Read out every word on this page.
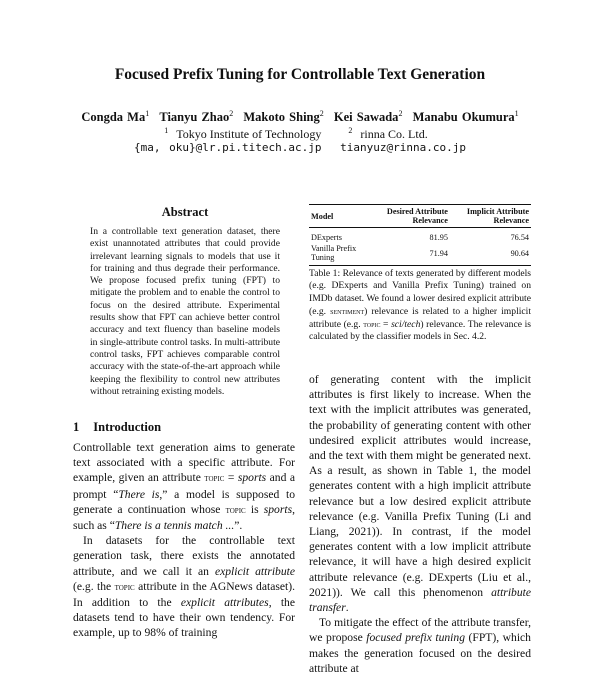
Focused Prefix Tuning for Controllable Text Generation
Congda Ma$^1$ Tianyu Zhao$^2$ Makoto Shing$^2$ Kei Sawada$^2$ Manabu Okumura$^1$
$^1$ Tokyo Institute of Technology	$^2$ rinna Co. Ltd.
{ma, oku}@lr.pi.titech.ac.jp tianyuz@rinna.co.jp
Abstract
In a controllable text generation dataset, there exist unannotated attributes that could provide irrelevant learning signals to models that use it for training and thus degrade their performance. We propose focused prefix tuning (FPT) to mitigate the problem and to enable the control to focus on the desired attribute. Experimental results show that FPT can achieve better control accuracy and text fluency than baseline models in single-attribute control tasks. In multi-attribute control tasks, FPT achieves comparable control accuracy with the state-of-the-art approach while keeping the flexibility to control new attributes without retraining existing models.
1 Introduction

Controllable text generation aims to generate text associated with a specific attribute. For example, given an attribute topic = sports and a prompt “There is,” a model is supposed to generate a continuation whose topic is sports, such as “There is a tennis match ...”.

In datasets for the controllable text generation task, there exists the annotated attribute, and we call it an explicit attribute (e.g. the topic attribute in the AGNews dataset). In addition to the explicit attributes, the datasets tend to have their own tendency. For example, up to 98% of training

Model	Desired Attribute Relevance	Implicit Attribute Relevance
DExperts	81.95	76.54
Vanilla Prefix Tuning	71.94	90.64
Table 1: Relevance of texts generated by different models (e.g. DExperts and Vanilla Prefix Tuning) trained on IMDb dataset. We found a lower desired explicit attribute (e.g. sentiment) relevance is related to a higher implicit attribute (e.g. topic = sci/tech) relevance. The relevance is calculated by the classifier models in Sec. 4.2.

of generating content with the implicit attributes is first likely to increase. When the text with the implicit attributes was generated, the probability of generating content with other undesired explicit attributes would increase, and the text with them might be generated next. As a result, as shown in Table 1, the model generates content with a high implicit attribute relevance but a low desired explicit attribute relevance (e.g. Vanilla Prefix Tuning (Li and Liang, 2021)). In contrast, if the model generates content with a low implicit attribute relevance, it will have a high desired explicit attribute relevance (e.g. DExperts (Liu et al., 2021)). We call this phenomenon attribute transfer.

To mitigate the effect of the attribute transfer, we propose focused prefix tuning (FPT), which makes the generation focused on the desired attribute at
